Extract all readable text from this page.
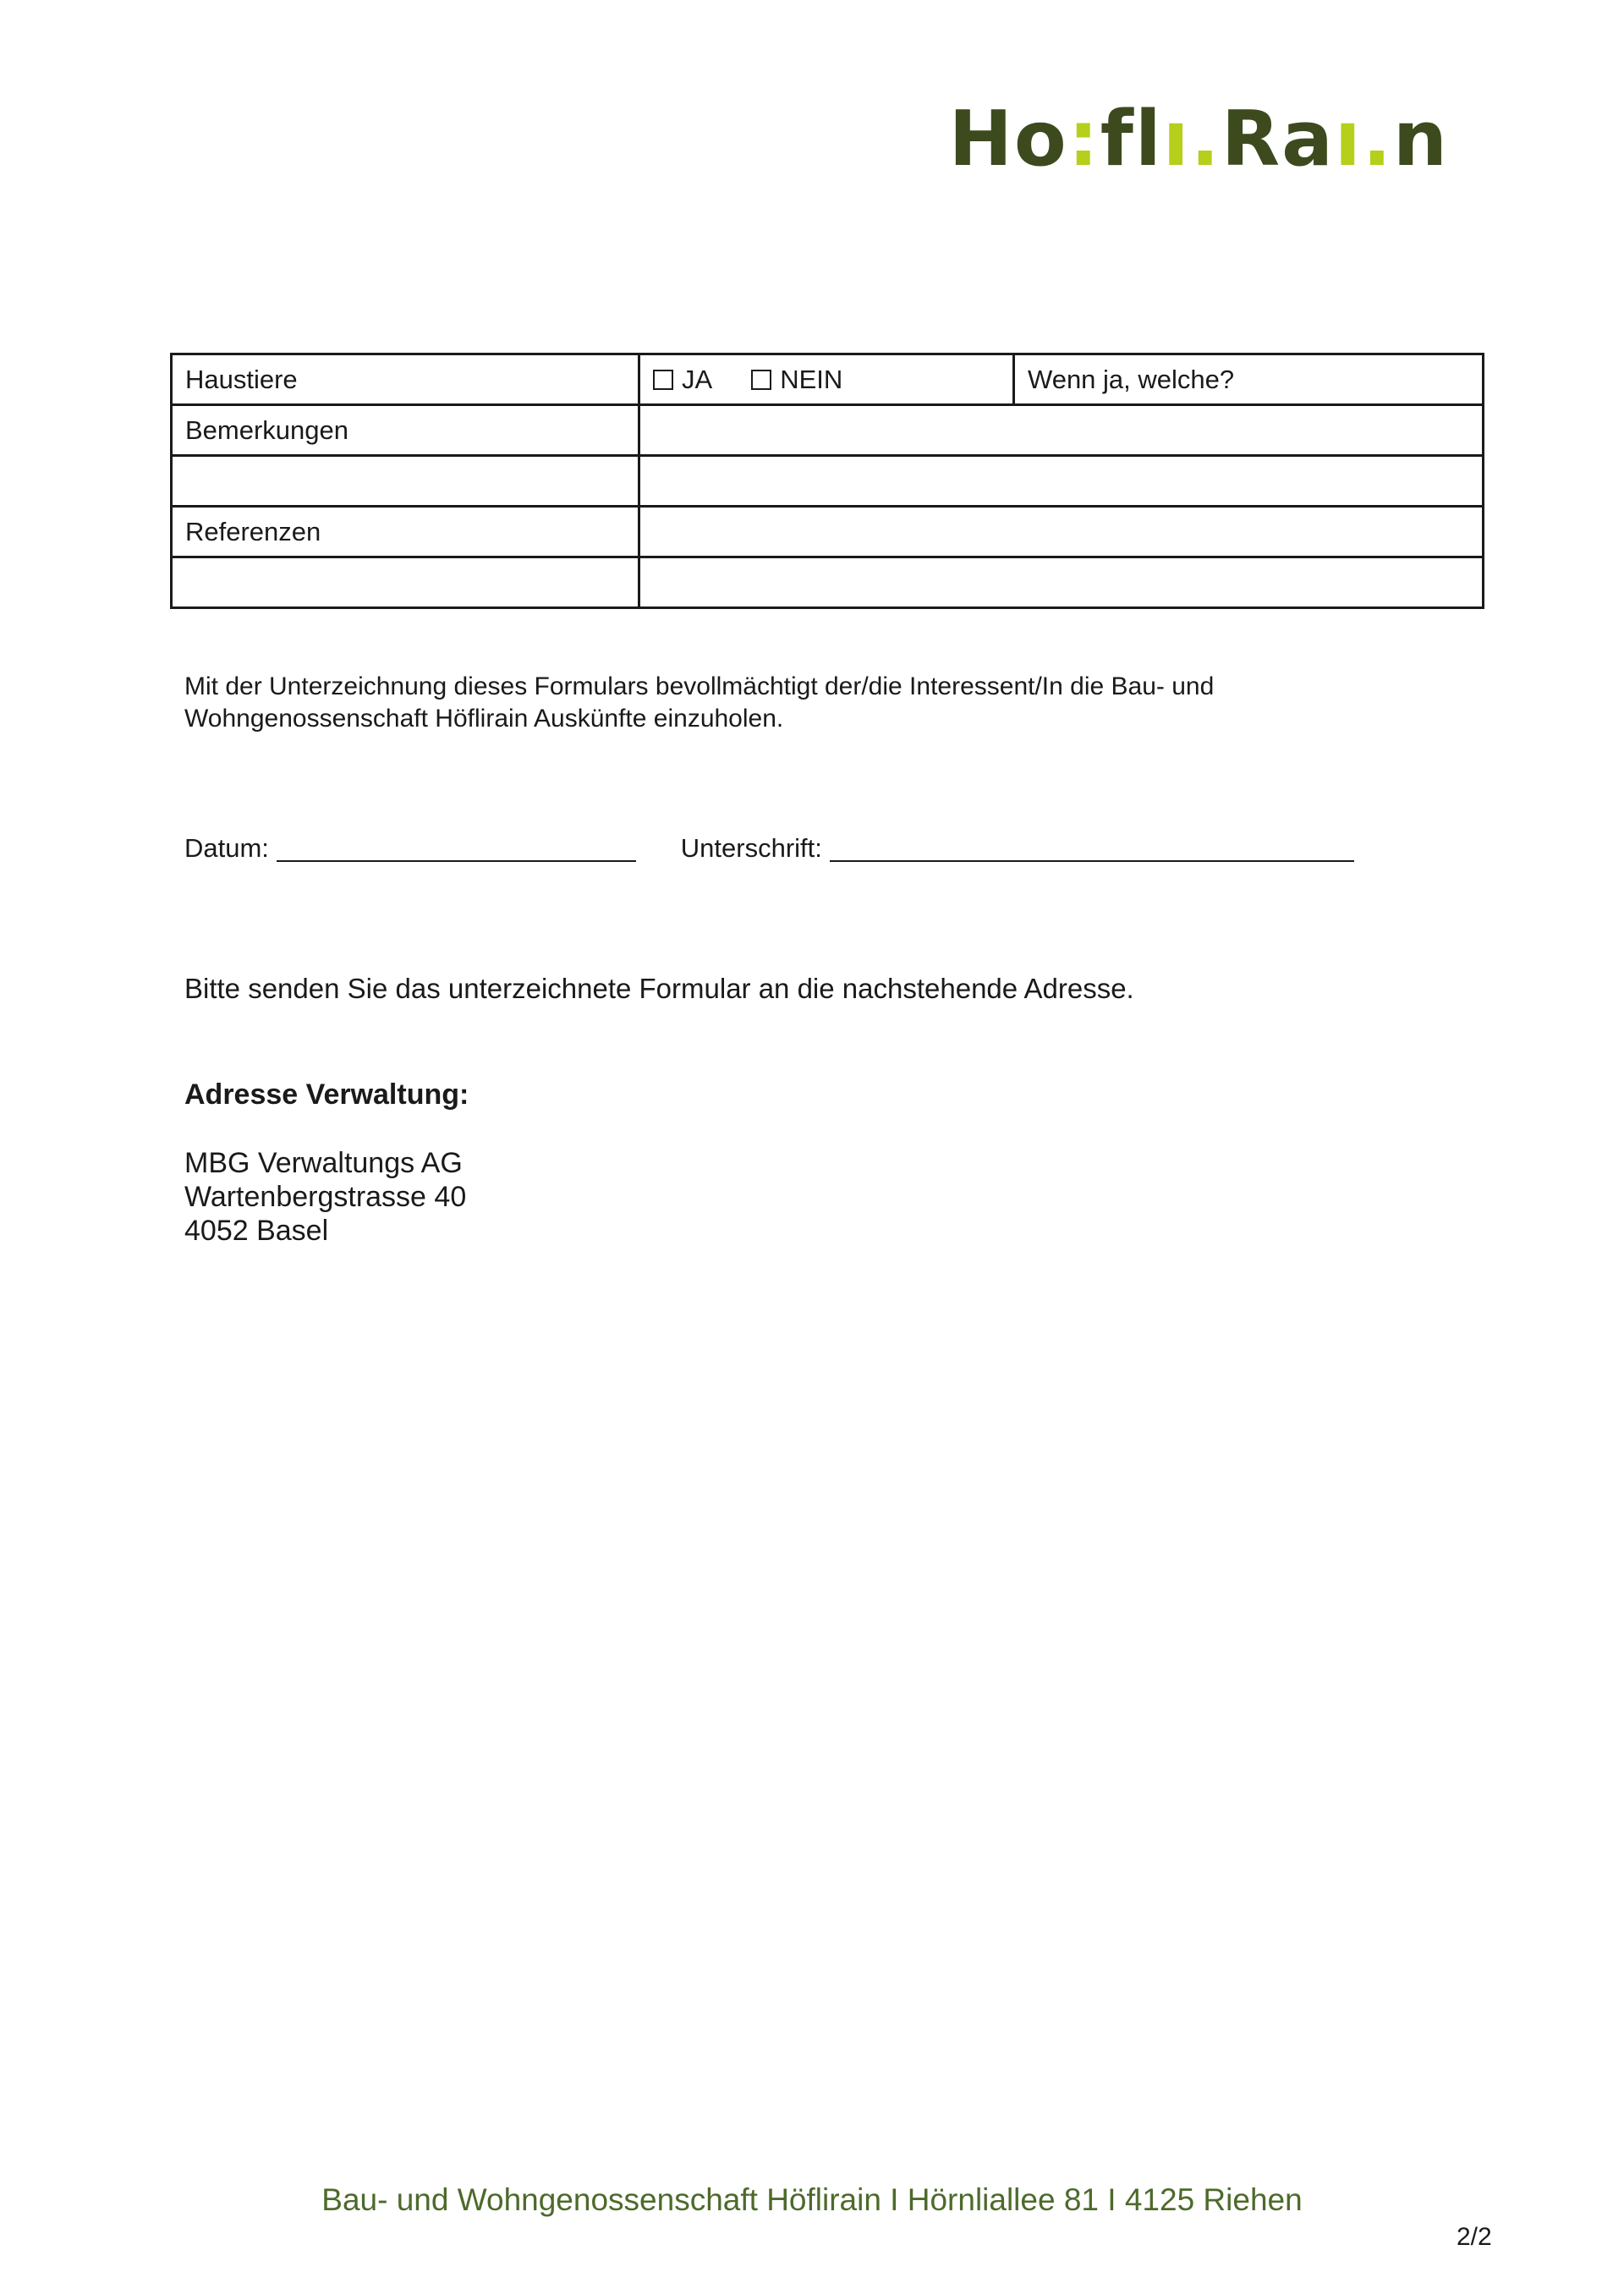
Ho:flı.Raı.n
Haustiere	JA NEIN	Wenn ja, welche?
Bemerkungen		

Referenzen		

Mit der Unterzeichnung dieses Formulars bevollmächtigt der/die Interessent/In die Bau- und Wohngenossenschaft Höflirain Auskünfte einzuholen.
Datum:	Unterschrift:
Bitte senden Sie das unterzeichnete Formular an die nachstehende Adresse.
Adresse Verwaltung:
MBG Verwaltungs AG
Wartenbergstrasse 40
4052 Basel
Bau- und Wohngenossenschaft Höflirain I Hörnliallee 81 I 4125 Riehen
2/2
